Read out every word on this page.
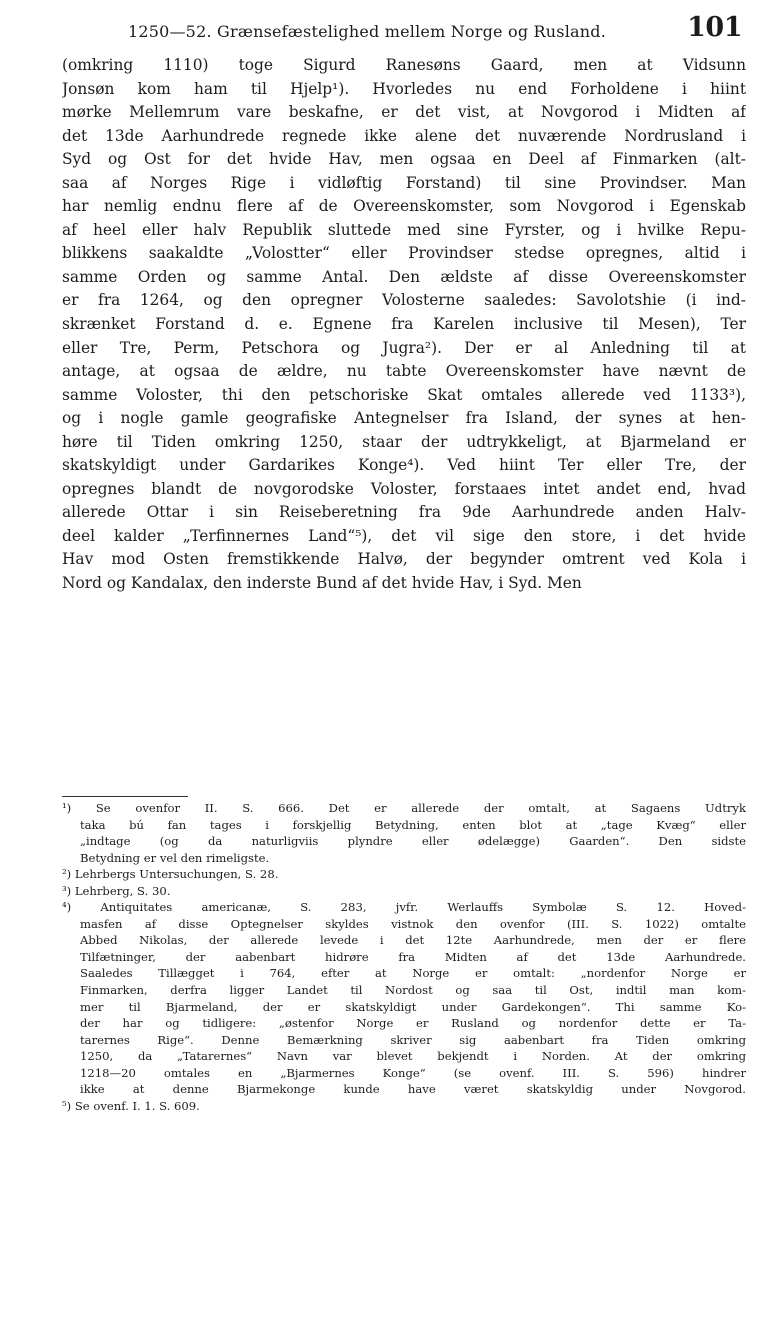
1250—52. Grænsefæstelighed mellem Norge og Rusland.	101
(omkring 1110) toge Sigurd Ranesøns Gaard, men at Vidsunn
Jonsøn kom ham til Hjelp¹). Hvorledes nu end Forholdene i hiint
mørke Mellemrum vare beskafne, er det vist, at Novgorod i Midten af
det 13de Aarhundrede regnede ikke alene det nuværende Nordrusland i
Syd og Ost for det hvide Hav, men ogsaa en Deel af Finmarken (alt-
saa af Norges Rige i vidløftig Forstand) til sine Provindser. Man
har nemlig endnu flere af de Overeenskomster, som Novgorod i Egenskab
af heel eller halv Republik sluttede med sine Fyrster, og i hvilke Repu-
blikkens saakaldte „Volostter“ eller Provindser stedse opregnes, altid i
samme Orden og samme Antal. Den ældste af disse Overeenskomster
er fra 1264, og den opregner Volosterne saaledes: Savolotshie (i ind-
skrænket Forstand d. e. Egnene fra Karelen inclusive til Mesen), Ter
eller Tre, Perm, Petschora og Jugra²). Der er al Anledning til at
antage, at ogsaa de ældre, nu tabte Overeenskomster have nævnt de
samme Voloster, thi den petschoriske Skat omtales allerede ved 1133³),
og i nogle gamle geografiske Antegnelser fra Island, der synes at hen-
høre til Tiden omkring 1250, staar der udtrykkeligt, at Bjarmeland er
skatskyldigt under Gardarikes Konge⁴). Ved hiint Ter eller Tre, der
opregnes blandt de novgorodske Voloster, forstaaes intet andet end, hvad
allerede Ottar i sin Reiseberetning fra 9de Aarhundrede anden Halv-
deel kalder „Terfinnernes Land“⁵), det vil sige den store, i det hvide
Hav mod Osten fremstikkende Halvø, der begynder omtrent ved Kola i
Nord og Kandalax, den inderste Bund af det hvide Hav, i Syd. Men
¹) Se ovenfor II. S. 666. Det er allerede der omtalt, at Sagaens Udtryk
taka bú fan tages i forskjellig Betydning, enten blot at „tage Kvæg“ eller
„indtage (og da naturligviis plyndre eller ødelægge) Gaarden“. Den sidste
Betydning er vel den rimeligste.
²) Lehrbergs Untersuchungen, S. 28.
³) Lehrberg, S. 30.
⁴) Antiquitates americanæ, S. 283, jvfr. Werlauffs Symbolæ S. 12. Hoved-
masfen af disse Optegnelser skyldes vistnok den ovenfor (III. S. 1022) omtalte
Abbed Nikolas, der allerede levede i det 12te Aarhundrede, men der er flere
Tilfætninger, der aabenbart hidrøre fra Midten af det 13de Aarhundrede.
Saaledes Tillægget i 764, efter at Norge er omtalt: „nordenfor Norge er
Finmarken, derfra ligger Landet til Nordost og saa til Ost, indtil man kom-
mer til Bjarmeland, der er skatskyldigt under Gardekongen“. Thi samme Ko-
der har og tidligere: „østenfor Norge er Rusland og nordenfor dette er Ta-
tarernes Rige“. Denne Bemærkning skriver sig aabenbart fra Tiden omkring
1250, da „Tatarernes“ Navn var blevet bekjendt i Norden. At der omkring
1218—20 omtales en „Bjarmernes Konge“ (se ovenf. III. S. 596) hindrer
ikke at denne Bjarmekonge kunde have været skatskyldig under Novgorod.
⁵) Se ovenf. I. 1. S. 609.
